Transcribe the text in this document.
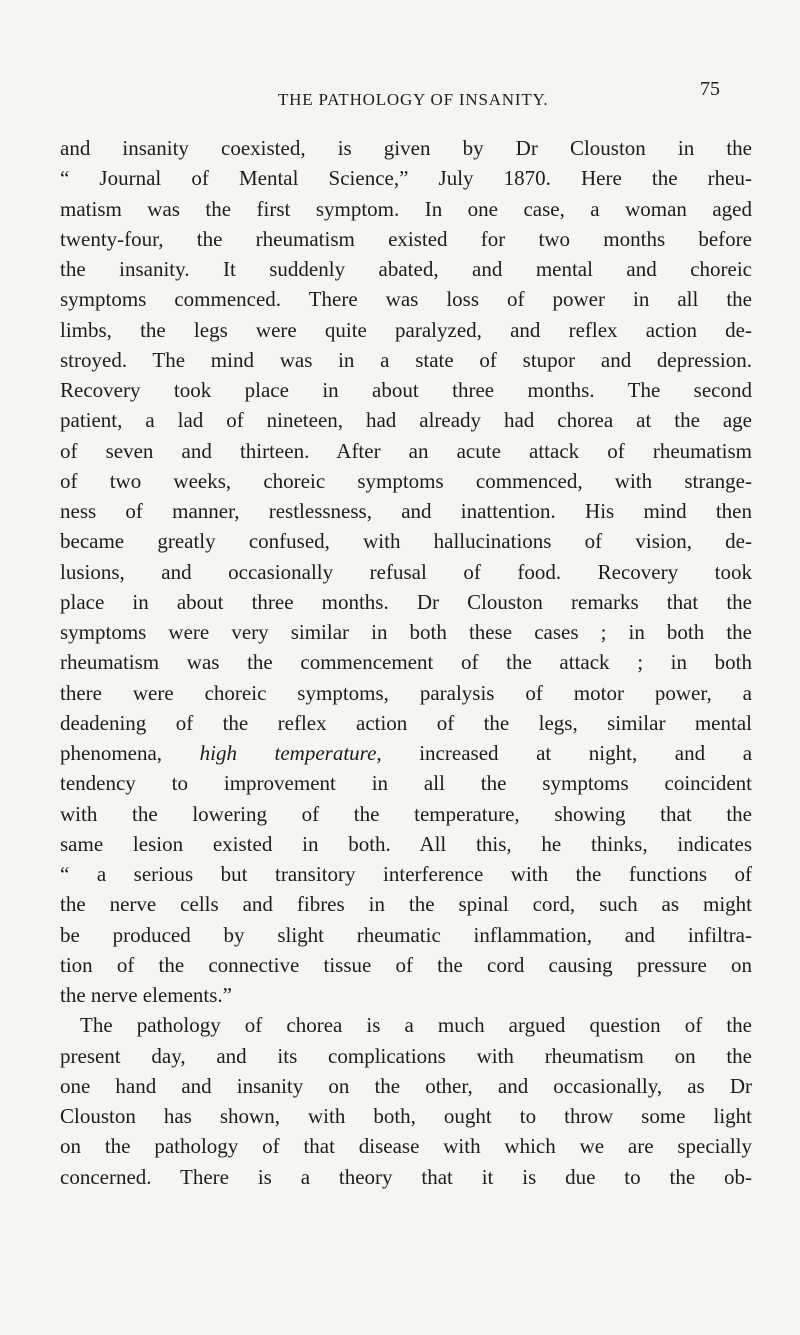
THE PATHOLOGY OF INSANITY.	75
and insanity coexisted, is given by Dr Clouston in the
“ Journal of Mental Science,” July 1870. Here the rheu-
matism was the first symptom. In one case, a woman aged
twenty-four, the rheumatism existed for two months before
the insanity. It suddenly abated, and mental and choreic
symptoms commenced. There was loss of power in all the
limbs, the legs were quite paralyzed, and reflex action de-
stroyed. The mind was in a state of stupor and depression.
Recovery took place in about three months. The second
patient, a lad of nineteen, had already had chorea at the age
of seven and thirteen. After an acute attack of rheumatism
of two weeks, choreic symptoms commenced, with strange-
ness of manner, restlessness, and inattention. His mind then
became greatly confused, with hallucinations of vision, de-
lusions, and occasionally refusal of food. Recovery took
place in about three months. Dr Clouston remarks that the
symptoms were very similar in both these cases ; in both the
rheumatism was the commencement of the attack ; in both
there were choreic symptoms, paralysis of motor power, a
deadening of the reflex action of the legs, similar mental
phenomena, high temperature, increased at night, and a
tendency to improvement in all the symptoms coincident
with the lowering of the temperature, showing that the
same lesion existed in both. All this, he thinks, indicates
“ a serious but transitory interference with the functions of
the nerve cells and fibres in the spinal cord, such as might
be produced by slight rheumatic inflammation, and infiltra-
tion of the connective tissue of the cord causing pressure on
the nerve elements.”
The pathology of chorea is a much argued question of the
present day, and its complications with rheumatism on the
one hand and insanity on the other, and occasionally, as Dr
Clouston has shown, with both, ought to throw some light
on the pathology of that disease with which we are specially
concerned. There is a theory that it is due to the ob-
